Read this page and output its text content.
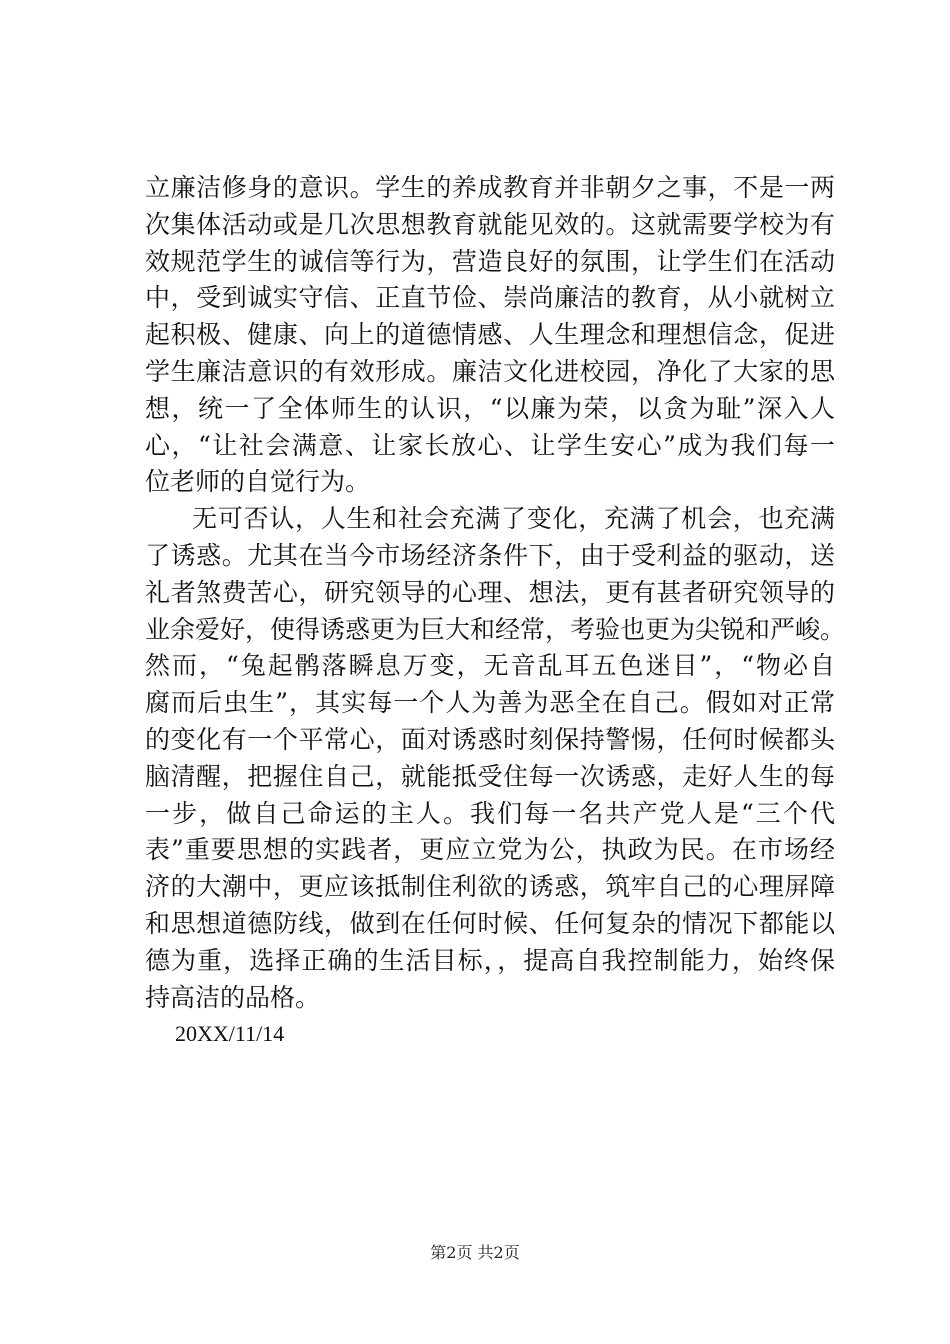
立廉洁修身的意识。学生的养成教育并非朝夕之事，不是一两
次集体活动或是几次思想教育就能见效的。这就需要学校为有
效规范学生的诚信等行为，营造良好的氛围，让学生们在活动
中，受到诚实守信、正直节俭、崇尚廉洁的教育，从小就树立
起积极、健康、向上的道德情感、人生理念和理想信念，促进
学生廉洁意识的有效形成。廉洁文化进校园，净化了大家的思
想，统一了全体师生的认识，“以廉为荣，以贪为耻”深入人
心，“让社会满意、让家长放心、让学生安心”成为我们每一
位老师的自觉行为。
无可否认，人生和社会充满了变化，充满了机会，也充满
了诱惑。尤其在当今市场经济条件下，由于受利益的驱动，送
礼者煞费苦心，研究领导的心理、想法，更有甚者研究领导的
业余爱好，使得诱惑更为巨大和经常，考验也更为尖锐和严峻。
然而，“兔起鹘落瞬息万变，无音乱耳五色迷目”，“物必自
腐而后虫生”，其实每一个人为善为恶全在自己。假如对正常
的变化有一个平常心，面对诱惑时刻保持警惕，任何时候都头
脑清醒，把握住自己，就能抵受住每一次诱惑，走好人生的每
一步，做自己命运的主人。我们每一名共产党人是“三个代
表”重要思想的实践者，更应立党为公，执政为民。在市场经
济的大潮中，更应该抵制住利欲的诱惑，筑牢自己的心理屏障
和思想道德防线，做到在任何时候、任何复杂的情况下都能以
德为重，选择正确的生活目标，，提高自我控制能力，始终保
持高洁的品格。
20XX/11/14
第2页 共2页
